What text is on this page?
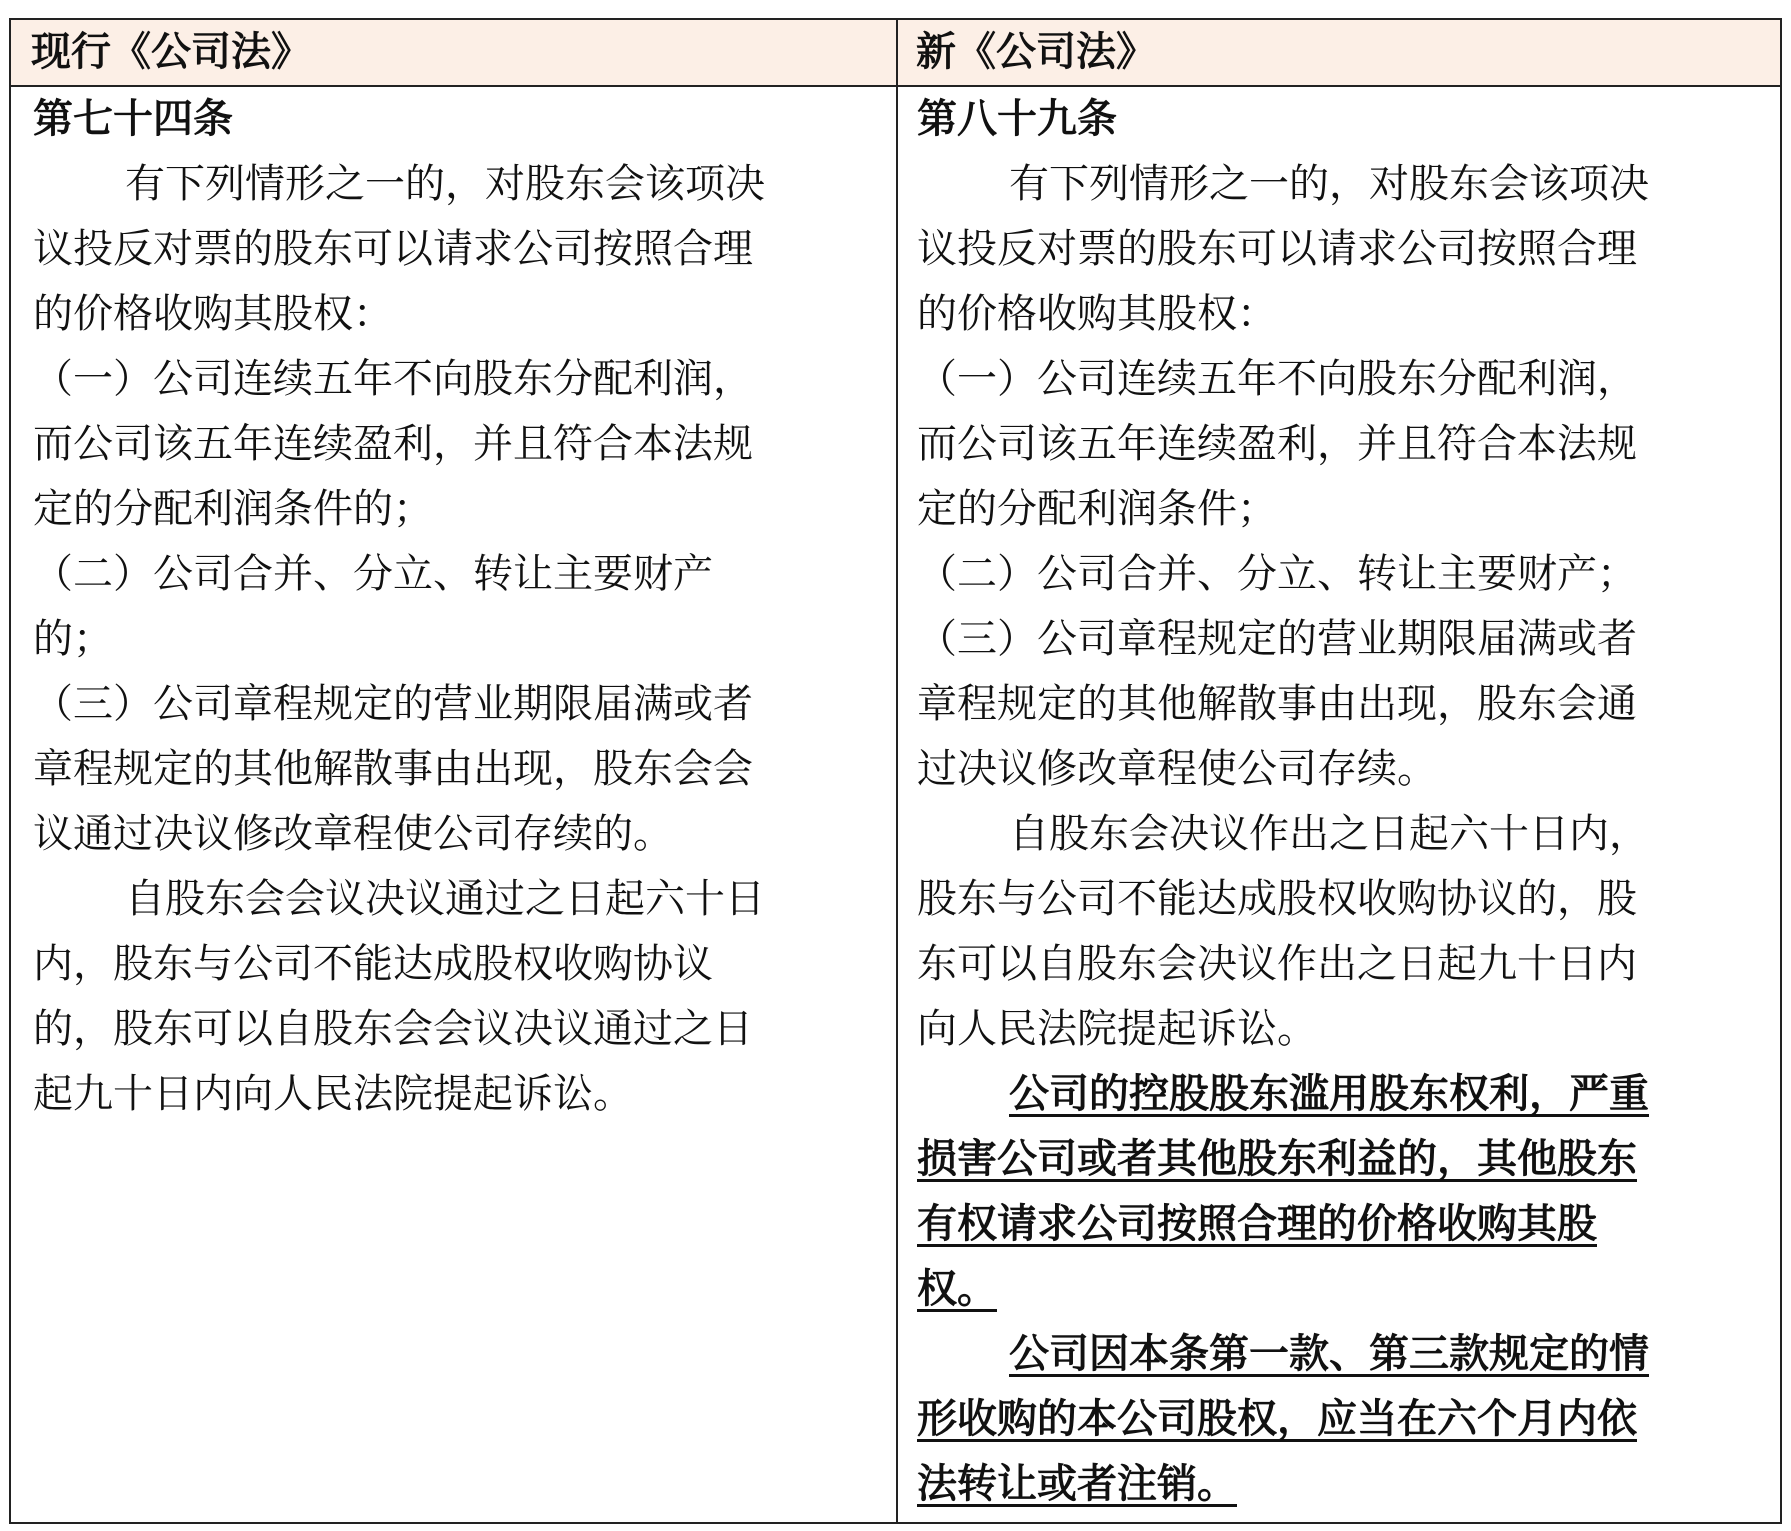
现行《公司法》	新《公司法》
第七十四条
有下列情形之一的，对股东会该项决
议投反对票的股东可以请求公司按照合理
的价格收购其股权：
（一）公司连续五年不向股东分配利润，
而公司该五年连续盈利，并且符合本法规
定的分配利润条件的；
（二）公司合并、分立、转让主要财产
的；
（三）公司章程规定的营业期限届满或者
章程规定的其他解散事由出现，股东会会
议通过决议修改章程使公司存续的。
自股东会会议决议通过之日起六十日
内，股东与公司不能达成股权收购协议
的，股东可以自股东会会议决议通过之日
起九十日内向人民法院提起诉讼。
第八十九条
有下列情形之一的，对股东会该项决
议投反对票的股东可以请求公司按照合理
的价格收购其股权：
（一）公司连续五年不向股东分配利润，
而公司该五年连续盈利，并且符合本法规
定的分配利润条件；
（二）公司合并、分立、转让主要财产；
（三）公司章程规定的营业期限届满或者
章程规定的其他解散事由出现，股东会通
过决议修改章程使公司存续。
自股东会决议作出之日起六十日内，
股东与公司不能达成股权收购协议的，股
东可以自股东会决议作出之日起九十日内
向人民法院提起诉讼。
公司的控股股东滥用股东权利，严重
损害公司或者其他股东利益的，其他股东
有权请求公司按照合理的价格收购其股
权。
公司因本条第一款、第三款规定的情
形收购的本公司股权，应当在六个月内依
法转让或者注销。
